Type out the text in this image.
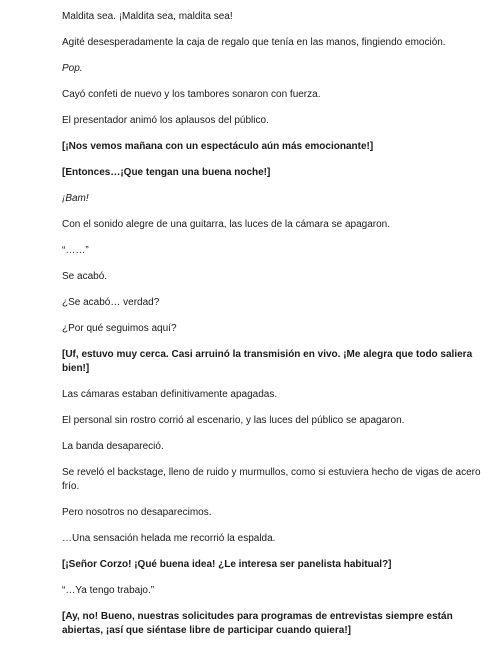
Maldita sea. ¡Maldita sea, maldita sea!

Agité desesperadamente la caja de regalo que tenía en las manos, fingiendo emoción.

Pop.

Cayó confeti de nuevo y los tambores sonaron con fuerza.

El presentador animó los aplausos del público.

[¡Nos vemos mañana con un espectáculo aún más emocionante!]

[Entonces…¡Que tengan una buena noche!]

¡Bam!

Con el sonido alegre de una guitarra, las luces de la cámara se apagaron.

“……”

Se acabó.

¿Se acabó… verdad?

¿Por qué seguimos aquí?

[Uf, estuvo muy cerca. Casi arruinó la transmisión en vivo. ¡Me alegra que todo saliera bien!]

Las cámaras estaban definitivamente apagadas.

El personal sin rostro corrió al escenario, y las luces del público se apagaron.

La banda desapareció.

Se reveló el backstage, lleno de ruido y murmullos, como si estuviera hecho de vigas de acero frío.

Pero nosotros no desaparecimos.

…Una sensación helada me recorrió la espalda.

[¡Señor Corzo! ¡Qué buena idea! ¿Le interesa ser panelista habitual?]

“…Ya tengo trabajo.”

[Ay, no! Bueno, nuestras solicitudes para programas de entrevistas siempre están abiertas, ¡así que siéntase libre de participar cuando quiera!]
